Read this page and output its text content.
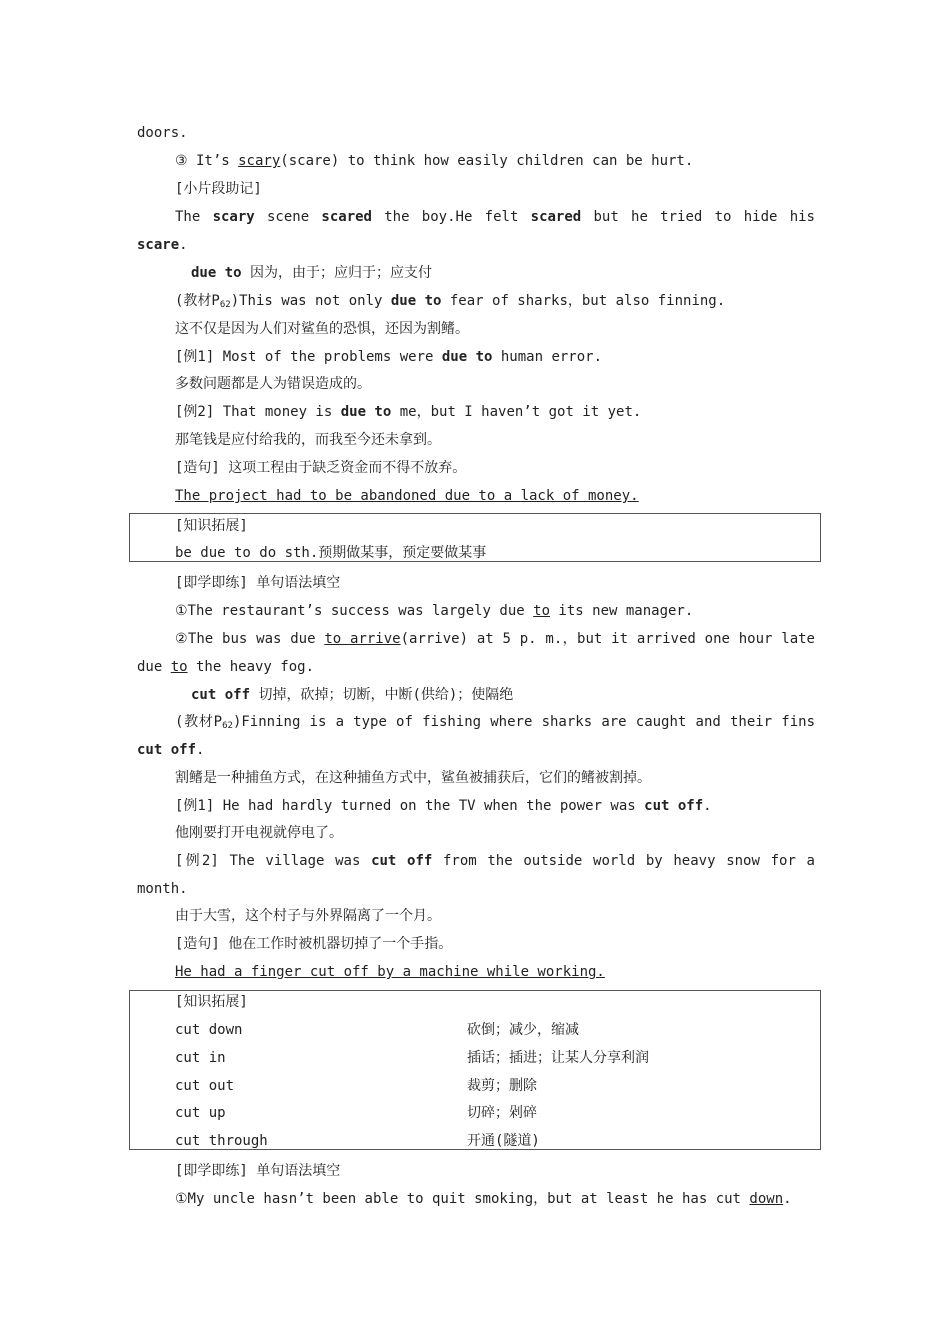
doors.
③ It’s scary(scare) to think how easily children can be hurt.
[小片段助记]
The scary scene scared the boy.He felt scared but he tried to hide his
scare.
due to 因为，由于；应归于；应支付
(教材$P_{62})This$ was not only due to fear of sharks，but also finning.
这不仅是因为人们对鲨鱼的恐惧，还因为割鳍。
[例1] Most of the problems were due to human error.
多数问题都是人为错误造成的。
[例2] That money is due to me，but I haven’t got it yet.
那笔钱是应付给我的，而我至今还未拿到。
[造句] 这项工程由于缺乏资金而不得不放弃。
The project had to be abandoned due to a lack of money.
[知识拓展]
be due to do sth.预期做某事，预定要做某事
[即学即练] 单句语法填空
①The restaurant’s success was largely due to its new manager.
②The bus was due to arrive(arrive) at 5 p. m.，but it arrived one hour late
due to the heavy fog.
cut off 切掉，砍掉；切断，中断(供给)；使隔绝
(教材$P_{62})Finning$ is a type of fishing where sharks are caught and their fins
cut off.
割鳍是一种捕鱼方式，在这种捕鱼方式中，鲨鱼被捕获后，它们的鳍被割掉。
[例1] He had hardly turned on the TV when the power was cut off.
他刚要打开电视就停电了。
[例2] The village was cut off from the outside world by heavy snow for a
month.
由于大雪，这个村子与外界隔离了一个月。
[造句] 他在工作时被机器切掉了一个手指。
He had a finger cut off by a machine while working.
[知识拓展]
cut down	砍倒；减少，缩减
cut in	插话；插进；让某人分享利润
cut out	裁剪；删除
cut up	切碎；剁碎
cut through	开通(隧道)
[即学即练] 单句语法填空
①My uncle hasn’t been able to quit smoking，but at least he has cut down.
